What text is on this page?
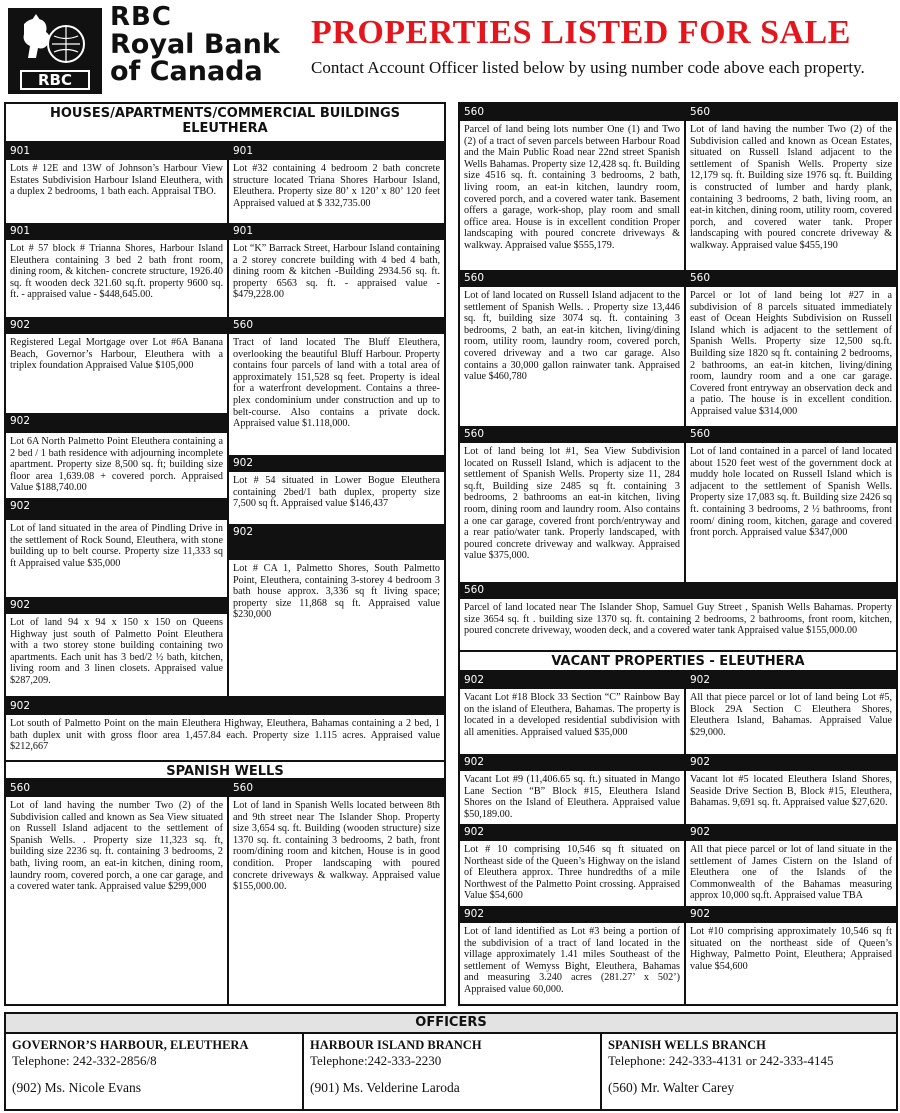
RBC
RBC
Royal Bank
of Canada
PROPERTIES LISTED FOR SALE
Contact Account Officer listed below by using number code above each property.
HOUSES/APARTMENTS/COMMERCIAL BUILDINGS
ELEUTHERA
901
Lots # 12E and 13W of Johnson’s Harbour View Estates Subdivision Harbour Island Eleuthera, with a duplex 2 bedrooms, 1 bath each. Appraisal TBO.
901
Lot #32 containing 4 bedroom 2 bath concrete structure located Triana Shores Harbour Island, Eleuthera. Property size 80’ x 120’ x 80’ 120 feet Appraised valued at $ 332,735.00
901
Lot # 57 block # Trianna Shores, Harbour Island Eleuthera containing 3 bed 2 bath front room, dining room, & kitchen- concrete structure, 1926.40 sq. ft wooden deck 321.60 sq.ft. property 9600 sq. ft. - appraised value - $448,645.00.
901
Lot “K” Barrack Street, Harbour Island containing a 2 storey concrete building with 4 bed 4 bath, dining room & kitchen -Building 2934.56 sq. ft. property 6563 sq. ft. - appraised value - $479,228.00
902
Registered Legal Mortgage over Lot #6A Banana Beach, Governor’s Harbour, Eleuthera with a triplex foundation Appraised Value $105,000
560
Tract of land located The Bluff Eleuthera, overlooking the beautiful Bluff Harbour. Property contains four parcels of land with a total area of approximately 151,528 sq feet. Property is ideal for a waterfront development. Contains a three- plex condominium under construction and up to belt-course. Also contains a private dock. Appraised value $1.118,000.
902
Lot 6A North Palmetto Point Eleuthera containing a 2 bed / 1 bath residence with adjourning incomplete apartment. Property size 8,500 sq. ft; building size floor area 1,639.08 + covered porch. Appraised Value $188,740.00
902
Lot # 54 situated in Lower Bogue Eleuthera containing 2bed/1 bath duplex, property size 7,500 sq ft. Appraised value $146,437
902
Lot of land situated in the area of Pindling Drive in the settlement of Rock Sound, Eleuthera, with stone building up to belt course. Property size 11,333 sq ft Appraised value $35,000
902
Lot # CA 1, Palmetto Shores, South Palmetto Point, Eleuthera, containing 3-storey 4 bedroom 3 bath house approx. 3,336 sq ft living space; property size 11,868 sq ft. Appraised value $230,000
902
Lot of land 94 x 94 x 150 x 150 on Queens Highway just south of Palmetto Point Eleuthera with a two storey stone building containing two apartments. Each unit has 3 bed/2 ½ bath, kitchen, living room and 3 linen closets. Appraised value $287,209.
902
Lot south of Palmetto Point on the main Eleuthera Highway, Eleuthera, Bahamas containing a 2 bed, 1 bath duplex unit with gross floor area 1,457.84 each. Property size 1.115 acres. Appraised value $212,667
SPANISH WELLS
560
Lot of land having the number Two (2) of the Subdivision called and known as Sea View situated on Russell Island adjacent to the settlement of Spanish Wells. . Property size 11,323 sq. ft, building size 2236 sq. ft. containing 3 bedrooms, 2 bath, living room, an eat-in kitchen, dining room, laundry room, covered porch, a one car garage, and a covered water tank. Appraised value $299,000
560
Lot of land in Spanish Wells located between 8th and 9th street near The Islander Shop. Property size 3,654 sq. ft. Building (wooden structure) size 1370 sq. ft. containing 3 bedrooms, 2 bath, front room/dining room and kitchen, House is in good condition. Proper landscaping with poured concrete driveways & walkway. Appraised value $155,000.00.
560
Parcel of land being lots number One (1) and Two (2) of a tract of seven parcels between Harbour Road and the Main Public Road near 22nd street Spanish Wells Bahamas. Property size 12,428 sq. ft. Building size 4516 sq. ft. containing 3 bedrooms, 2 bath, living room, an eat-in kitchen, laundry room, covered porch, and a covered water tank. Basement offers a garage, work-shop, play room and small office area. House is in excellent condition Proper landscaping with poured concrete driveways & walkway. Appraised value $555,179.
560
Lot of land having the number Two (2) of the Subdivision called and known as Ocean Estates, situated on Russell Island adjacent to the settlement of Spanish Wells. Property size 12,179 sq. ft. Building size 1976 sq. ft. Building is constructed of lumber and hardy plank, containing 3 bedrooms, 2 bath, living room, an eat-in kitchen, dining room, utility room, covered porch, and covered water tank. Proper landscaping with poured concrete driveway & walkway. Appraised value $455,190
560
Lot of land located on Russell Island adjacent to the settlement of Spanish Wells. . Property size 13,446 sq. ft, building size 3074 sq. ft. containing 3 bedrooms, 2 bath, an eat-in kitchen, living/dining room, utility room, laundry room, covered porch, covered driveway and a two car garage. Also contains a 30,000 gallon rainwater tank. Appraised value $460,780
560
Parcel or lot of land being lot #27 in a subdivision of 8 parcels situated immediately east of Ocean Heights Subdivision on Russell Island which is adjacent to the settlement of Spanish Wells. Property size 12,500 sq.ft. Building size 1820 sq ft. containing 2 bedrooms, 2 bathrooms, an eat-in kitchen, living/dining room, laundry room and a one car garage. Covered front entryway an observation deck and a patio. The house is in excellent condition. Appraised value $314,000
560
Lot of land being lot #1, Sea View Subdivision located on Russell Island, which is adjacent to the settlement of Spanish Wells. Property size 11, 284 sq.ft, Building size 2485 sq ft. containing 3 bedrooms, 2 bathrooms an eat-in kitchen, living room, dining room and laundry room. Also contains a one car garage, covered front porch/entryway and a rear patio/water tank. Properly landscaped, with poured concrete driveway and walkway. Appraised value $375,000.
560
Lot of land contained in a parcel of land located about 1520 feet west of the government dock at muddy hole located on Russell Island which is adjacent to the settlement of Spanish Wells. Property size 17,083 sq. ft. Building size 2426 sq ft. containing 3 bedrooms, 2 ½ bathrooms, front room/ dining room, kitchen, garage and covered front porch. Appraised value $347,000
560
Parcel of land located near The Islander Shop, Samuel Guy Street , Spanish Wells Bahamas. Property size 3654 sq. ft . building size 1370 sq. ft. containing 2 bedrooms, 2 bathrooms, front room, kitchen, poured concrete driveway, wooden deck, and a covered water tank Appraised value $155,000.00
VACANT PROPERTIES - ELEUTHERA
902
Vacant Lot #18 Block 33 Section “C” Rainbow Bay on the island of Eleuthera, Bahamas. The property is located in a developed residential subdivision with all amenities. Appraised valued $35,000
902
All that piece parcel or lot of land being Lot #5, Block 29A Section C Eleuthera Shores, Eleuthera Island, Bahamas. Appraised Value $29,000.
902
Vacant Lot #9 (11,406.65 sq. ft.) situated in Mango Lane Section “B” Block #15, Eleuthera Island Shores on the Island of Eleuthera. Appraised value $50,189.00.
902
Vacant lot #5 located Eleuthera Island Shores, Seaside Drive Section B, Block #15, Eleuthera, Bahamas. 9,691 sq. ft. Appraised value $27,620.
902
Lot # 10 comprising 10,546 sq ft situated on Northeast side of the Queen’s Highway on the island of Eleuthera approx. Three hundredths of a mile Northwest of the Palmetto Point crossing. Appraised Value $54,600
902
All that piece parcel or lot of land situate in the settlement of James Cistern on the Island of Eleuthera one of the Islands of the Commonwealth of the Bahamas measuring approx 10,000 sq.ft. Appraised value TBA
902
Lot of land identified as Lot #3 being a portion of the subdivision of a tract of land located in the village approximately 1.41 miles Southeast of the settlement of Wemyss Bight, Eleuthera, Bahamas and measuring 3.240 acres (281.27’ x 502’) Appraised value 60,000.
902
Lot #10 comprising approximately 10,546 sq ft situated on the northeast side of Queen’s Highway, Palmetto Point, Eleuthera; Appraised value $54,600
OFFICERS
GOVERNOR’S HARBOUR, ELEUTHERA
Telephone: 242-332-2856/8
(902) Ms. Nicole Evans
HARBOUR ISLAND BRANCH
Telephone:242-333-2230
(901) Ms. Velderine Laroda
SPANISH WELLS BRANCH
Telephone: 242-333-4131 or 242-333-4145
(560) Mr. Walter Carey
